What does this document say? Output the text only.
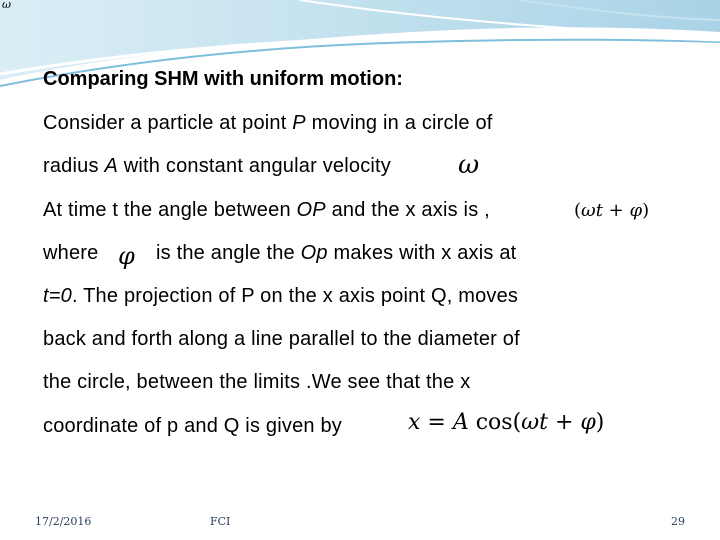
ω
Comparing SHM with uniform motion:
Consider a particle at point P moving in a circle of
radius A with constant angular velocity	ω
At time t the angle between OP and the x axis is ,	(ωt + φ)
where φ is the angle the Op makes with x axis at
t=0. The projection of P on the x axis point Q, moves
back and forth along a line parallel to the diameter of
the circle, between the limits .We see that the x
coordinate of p and Q is given by	x = A cos(ωt + φ)
17/2/2016	FCI	29
